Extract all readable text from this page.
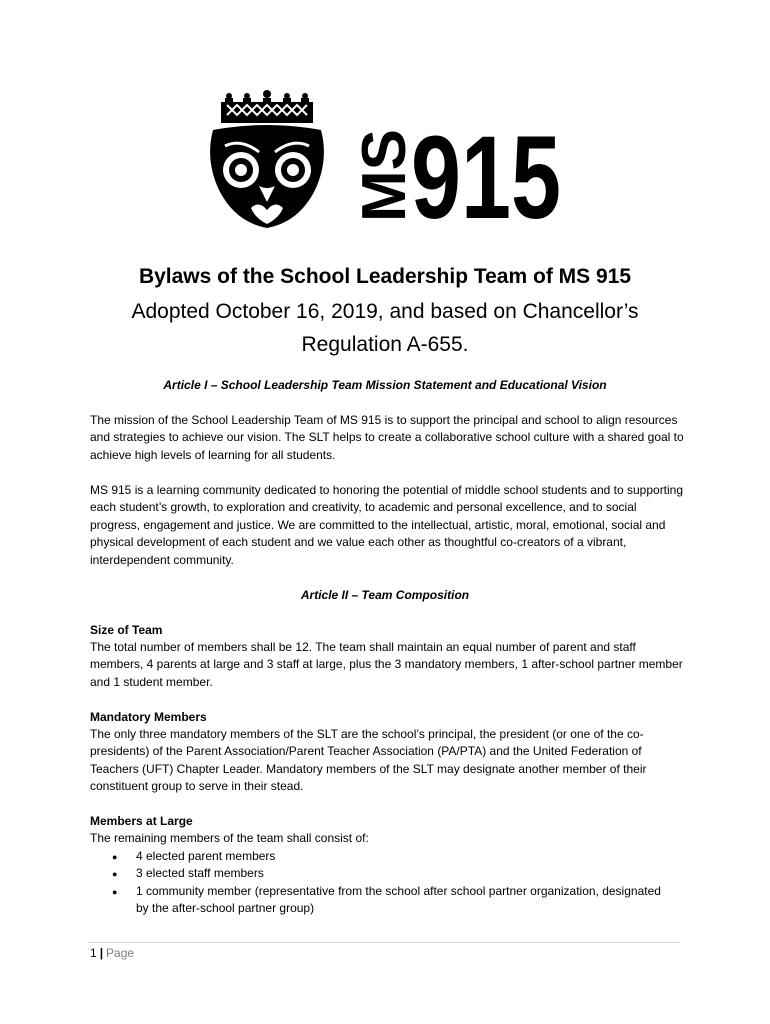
MS
915
Bylaws of the School Leadership Team of MS 915
Adopted October 16, 2019, and based on Chancellor’s Regulation A-655.
Article I – School Leadership Team Mission Statement and Educational Vision

The mission of the School Leadership Team of MS 915 is to support the principal and school to align resources and strategies to achieve our vision. The SLT helps to create a collaborative school culture with a shared goal to achieve high levels of learning for all students.

MS 915 is a learning community dedicated to honoring the potential of middle school students and to supporting each student’s growth, to exploration and creativity, to academic and personal excellence, and to social progress, engagement and justice. We are committed to the intellectual, artistic, moral, emotional, social and physical development of each student and we value each other as thoughtful co-creators of a vibrant, interdependent community.

Article II – Team Composition
Size of Team

The total number of members shall be 12. The team shall maintain an equal number of parent and staff members, 4 parents at large and 3 staff at large, plus the 3 mandatory members, 1 after-school partner member and 1 student member.

Mandatory Members

The only three mandatory members of the SLT are the school’s principal, the president (or one of the co-presidents) of the Parent Association/Parent Teacher Association (PA/PTA) and the United Federation of Teachers (UFT) Chapter Leader. Mandatory members of the SLT may designate another member of their constituent group to serve in their stead.

Members at Large

The remaining members of the team shall consist of:

● 4 elected parent members
● 3 elected staff members
● 1 community member (representative from the school after school partner organization, designated by the after-school partner group)
1 | Page
